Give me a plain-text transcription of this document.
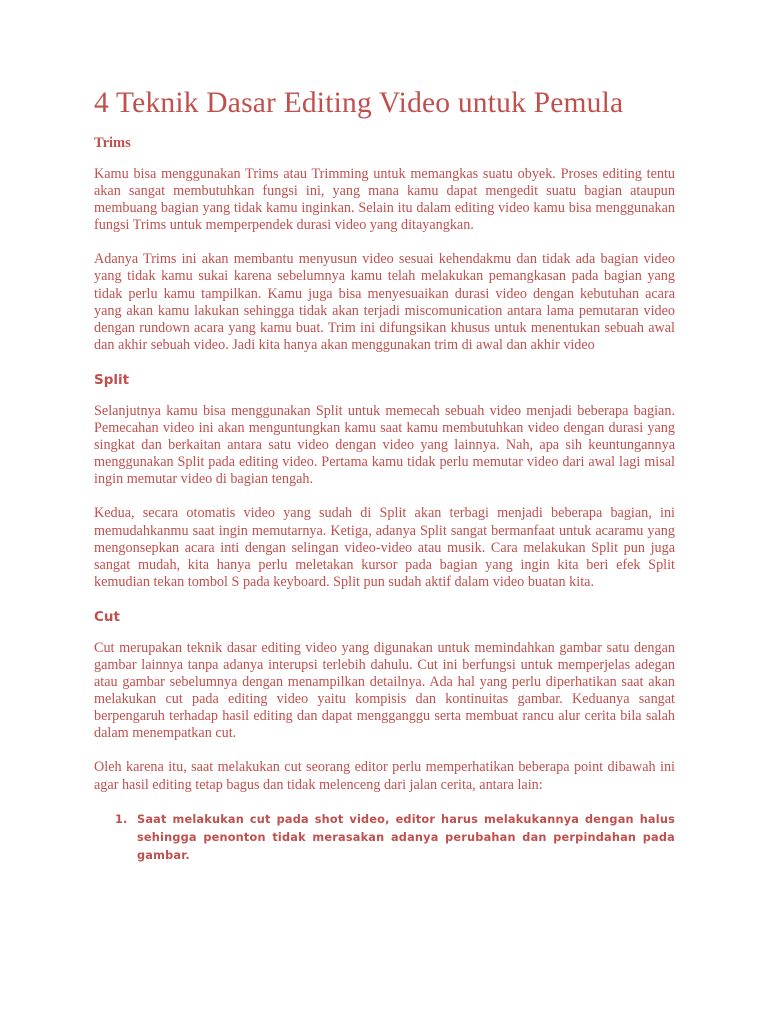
4 Teknik Dasar Editing Video untuk Pemula
Trims

Kamu bisa menggunakan Trims atau Trimming untuk memangkas suatu obyek. Proses editing tentu akan sangat membutuhkan fungsi ini, yang mana kamu dapat mengedit suatu bagian ataupun membuang bagian yang tidak kamu inginkan. Selain itu dalam editing video kamu bisa menggunakan fungsi Trims untuk memperpendek durasi video yang ditayangkan.

Adanya Trims ini akan membantu menyusun video sesuai kehendakmu dan tidak ada bagian video yang tidak kamu sukai karena sebelumnya kamu telah melakukan pemangkasan pada bagian yang tidak perlu kamu tampilkan. Kamu juga bisa menyesuaikan durasi video dengan kebutuhan acara yang akan kamu lakukan sehingga tidak akan terjadi miscomunication antara lama pemutaran video dengan rundown acara yang kamu buat. Trim ini difungsikan khusus untuk menentukan sebuah awal dan akhir sebuah video. Jadi kita hanya akan menggunakan trim di awal dan akhir video

Split

Selanjutnya kamu bisa menggunakan Split untuk memecah sebuah video menjadi beberapa bagian. Pemecahan video ini akan menguntungkan kamu saat kamu membutuhkan video dengan durasi yang singkat dan berkaitan antara satu video dengan video yang lainnya. Nah, apa sih keuntungannya menggunakan Split pada editing video. Pertama kamu tidak perlu memutar video dari awal lagi misal ingin memutar video di bagian tengah.

Kedua, secara otomatis video yang sudah di Split akan terbagi menjadi beberapa bagian, ini memudahkanmu saat ingin memutarnya. Ketiga, adanya Split sangat bermanfaat untuk acaramu yang mengonsepkan acara inti dengan selingan video-video atau musik. Cara melakukan Split pun juga sangat mudah, kita hanya perlu meletakan kursor pada bagian yang ingin kita beri efek Split kemudian tekan tombol S pada keyboard. Split pun sudah aktif dalam video buatan kita.

Cut

Cut merupakan teknik dasar editing video yang digunakan untuk memindahkan gambar satu dengan gambar lainnya tanpa adanya interupsi terlebih dahulu. Cut ini berfungsi untuk memperjelas adegan atau gambar sebelumnya dengan menampilkan detailnya. Ada hal yang perlu diperhatikan saat akan melakukan cut pada editing video yaitu kompisis dan kontinuitas gambar. Keduanya sangat berpengaruh terhadap hasil editing dan dapat mengganggu serta membuat rancu alur cerita bila salah dalam menempatkan cut.

Oleh karena itu, saat melakukan cut seorang editor perlu memperhatikan beberapa point dibawah ini agar hasil editing tetap bagus dan tidak melenceng dari jalan cerita, antara lain:

1. Saat melakukan cut pada shot video, editor harus melakukannya dengan halus sehingga penonton tidak merasakan adanya perubahan dan perpindahan pada gambar.
